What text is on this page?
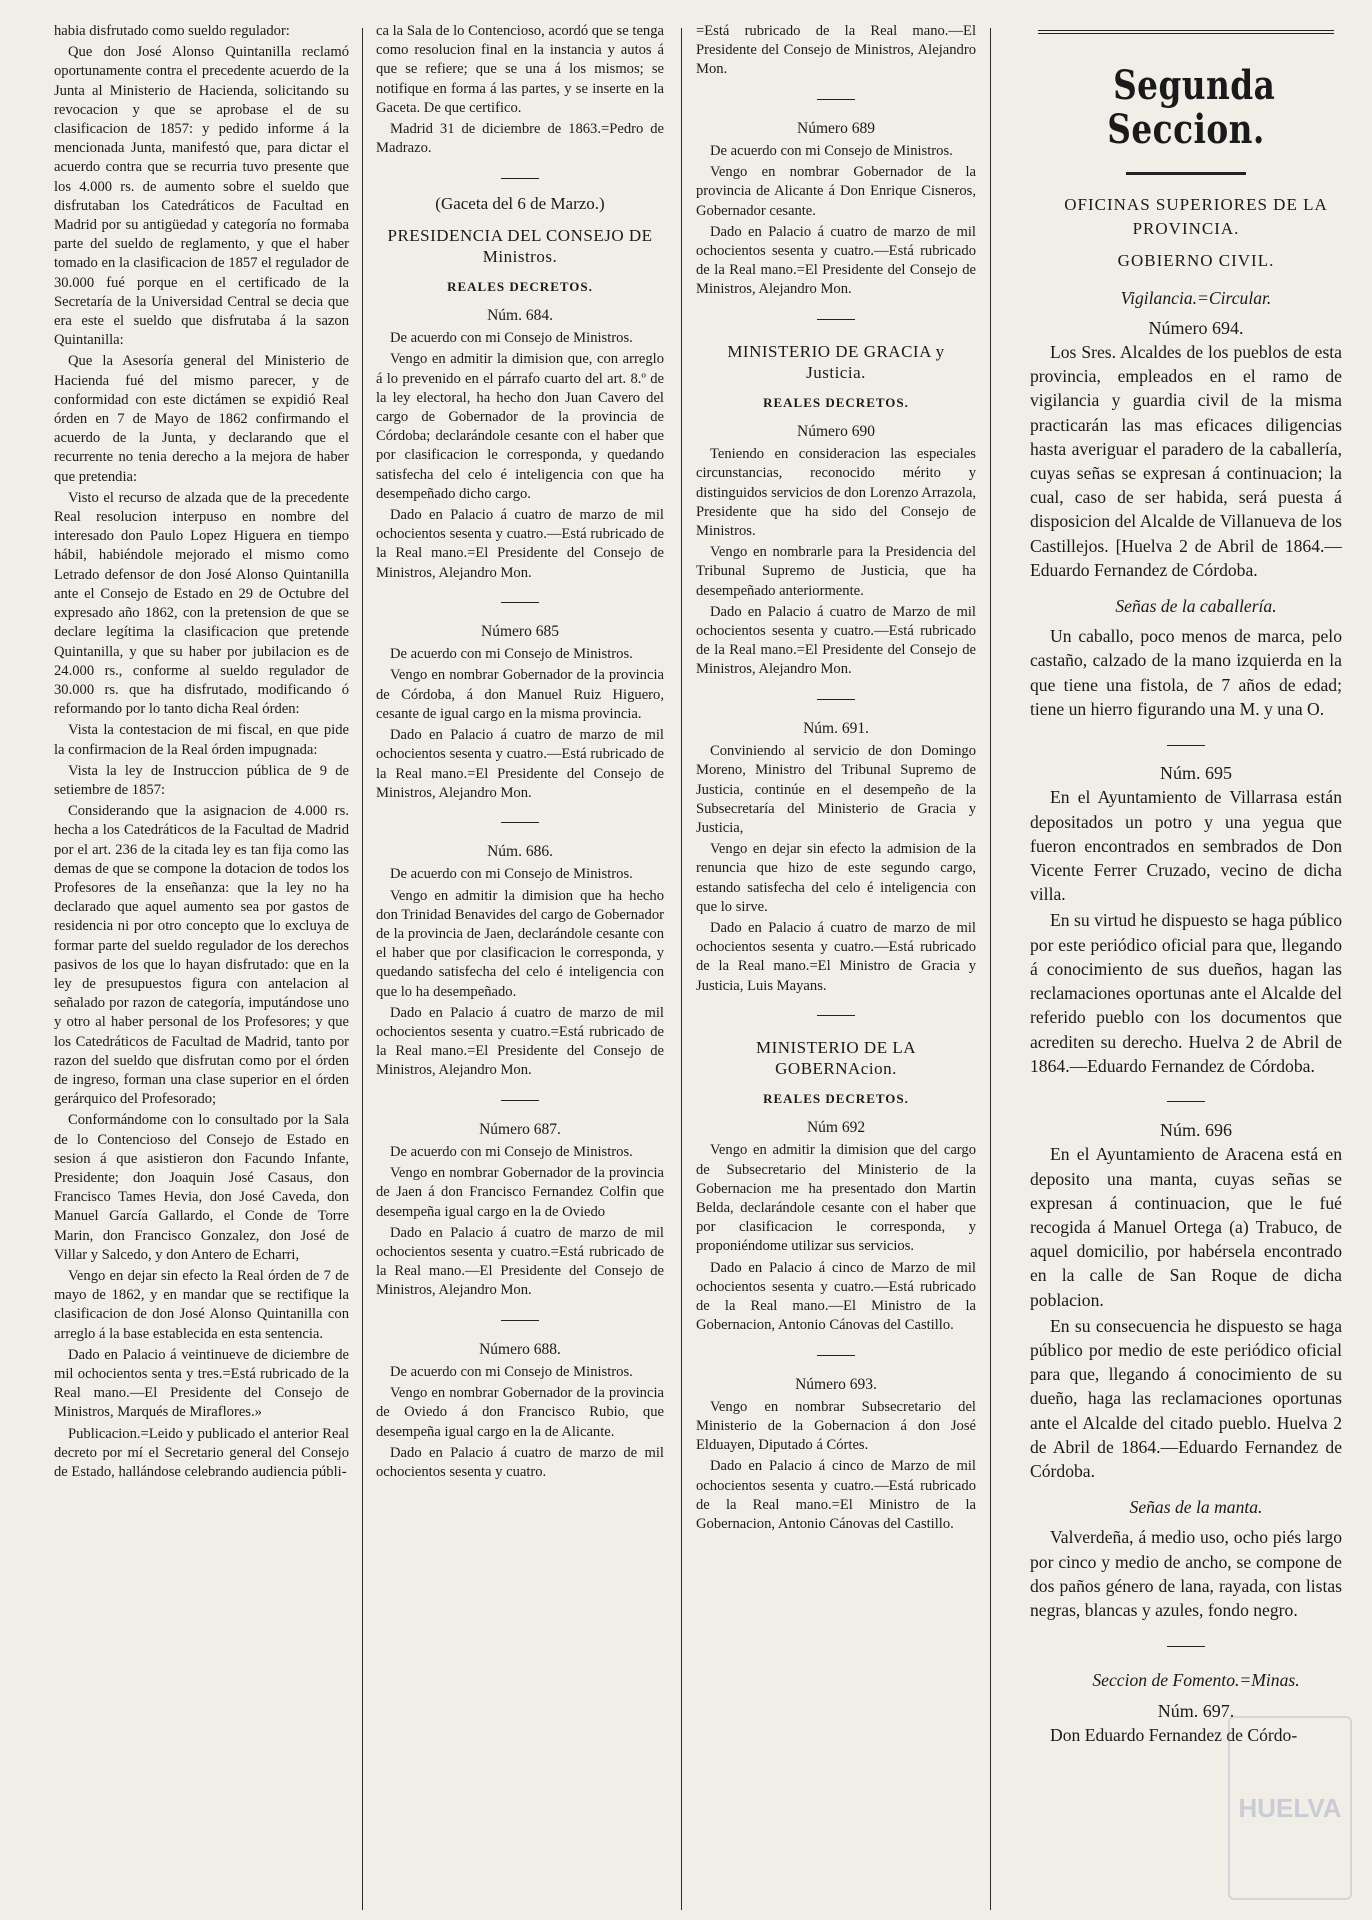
habia disfrutado como sueldo regulador:

Que don José Alonso Quintanilla reclamó oportunamente contra el precedente acuerdo de la Junta al Ministerio de Hacienda, solicitando su revocacion y que se aprobase el de su clasificacion de 1857: y pedido informe á la mencionada Junta, manifestó que, para dictar el acuerdo contra que se recurria tuvo presente que los 4.000 rs. de aumento sobre el sueldo que disfrutaban los Catedráticos de Facultad en Madrid por su antigüedad y categoría no formaba parte del sueldo de reglamento, y que el haber tomado en la clasificacion de 1857 el regulador de 30.000 fué porque en el certificado de la Secretaría de la Universidad Central se decia que era este el sueldo que disfrutaba á la sazon Quintanilla:

Que la Asesoría general del Ministerio de Hacienda fué del mismo parecer, y de conformidad con este dictámen se expidió Real órden en 7 de Mayo de 1862 confirmando el acuerdo de la Junta, y declarando que el recurrente no tenia derecho a la mejora de haber que pretendia:

Visto el recurso de alzada que de la precedente Real resolucion interpuso en nombre del interesado don Paulo Lopez Higuera en tiempo hábil, habiéndole mejorado el mismo como Letrado defensor de don José Alonso Quintanilla ante el Consejo de Estado en 29 de Octubre del expresado año 1862, con la pretension de que se declare legítima la clasificacion que pretende Quintanilla, y que su haber por jubilacion es de 24.000 rs., conforme al sueldo regulador de 30.000 rs. que ha disfrutado, modificando ó reformando por lo tanto dicha Real órden:

Vista la contestacion de mi fiscal, en que pide la confirmacion de la Real órden impugnada:

Vista la ley de Instruccion pública de 9 de setiembre de 1857:

Considerando que la asignacion de 4.000 rs. hecha a los Catedráticos de la Facultad de Madrid por el art. 236 de la citada ley es tan fija como las demas de que se compone la dotacion de todos los Profesores de la enseñanza: que la ley no ha declarado que aquel aumento sea por gastos de residencia ni por otro concepto que lo excluya de formar parte del sueldo regulador de los derechos pasivos de los que lo hayan disfrutado: que en la ley de presupuestos figura con antelacion al señalado por razon de categoría, imputándose uno y otro al haber personal de los Profesores; y que los Catedráticos de Facultad de Madrid, tanto por razon del sueldo que disfrutan como por el órden de ingreso, forman una clase superior en el órden gerárquico del Profesorado;

Conformándome con lo consultado por la Sala de lo Contencioso del Consejo de Estado en sesion á que asistieron don Facundo Infante, Presidente; don Joaquin José Casaus, don Francisco Tames Hevia, don José Caveda, don Manuel García Gallardo, el Conde de Torre Marin, don Francisco Gonzalez, don José de Villar y Salcedo, y don Antero de Echarri,

Vengo en dejar sin efecto la Real órden de 7 de mayo de 1862, y en mandar que se rectifique la clasificacion de don José Alonso Quintanilla con arreglo á la base establecida en esta sentencia.

Dado en Palacio á veintinueve de diciembre de mil ochocientos senta y tres.=Está rubricado de la Real mano.—El Presidente del Consejo de Ministros, Marqués de Miraflores.»

Publicacion.=Leido y publicado el anterior Real decreto por mí el Secretario general del Consejo de Estado, hallándose celebrando audiencia públi-

ca la Sala de lo Contencioso, acordó que se tenga como resolucion final en la instancia y autos á que se refiere; que se una á los mismos; se notifique en forma á las partes, y se inserte en la Gaceta. De que certifico.

Madrid 31 de diciembre de 1863.=Pedro de Madrazo.

(Gaceta del 6 de Marzo.)

PRESIDENCIA DEL CONSEJO DE Ministros.

REALES DECRETOS.

Núm. 684.

De acuerdo con mi Consejo de Ministros.

Vengo en admitir la dimision que, con arreglo á lo prevenido en el párrafo cuarto del art. 8.º de la ley electoral, ha hecho don Juan Cavero del cargo de Gobernador de la provincia de Córdoba; declarándole cesante con el haber que por clasificacion le corresponda, y quedando satisfecha del celo é inteligencia con que ha desempeñado dicho cargo.

Dado en Palacio á cuatro de marzo de mil ochocientos sesenta y cuatro.—Está rubricado de la Real mano.=El Presidente del Consejo de Ministros, Alejandro Mon.

Número 685

De acuerdo con mi Consejo de Ministros.

Vengo en nombrar Gobernador de la provincia de Córdoba, á don Manuel Ruiz Higuero, cesante de igual cargo en la misma provincia.

Dado en Palacio á cuatro de marzo de mil ochocientos sesenta y cuatro.—Está rubricado de la Real mano.=El Presidente del Consejo de Ministros, Alejandro Mon.

Núm. 686.

De acuerdo con mi Consejo de Ministros.

Vengo en admitir la dimision que ha hecho don Trinidad Benavides del cargo de Gobernador de la provincia de Jaen, declarándole cesante con el haber que por clasificacion le corresponda, y quedando satisfecha del celo é inteligencia con que lo ha desempeñado.

Dado en Palacio á cuatro de marzo de mil ochocientos sesenta y cuatro.=Está rubricado de la Real mano.=El Presidente del Consejo de Ministros, Alejandro Mon.

Número 687.

De acuerdo con mi Consejo de Ministros.

Vengo en nombrar Gobernador de la provincia de Jaen á don Francisco Fernandez Colfin que desempeña igual cargo en la de Oviedo

Dado en Palacio á cuatro de marzo de mil ochocientos sesenta y cuatro.=Está rubricado de la Real mano.—El Presidente del Consejo de Ministros, Alejandro Mon.

Número 688.

De acuerdo con mi Consejo de Ministros.

Vengo en nombrar Gobernador de la provincia de Oviedo á don Francisco Rubio, que desempeña igual cargo en la de Alicante.

Dado en Palacio á cuatro de marzo de mil ochocientos sesenta y cuatro.

=Está rubricado de la Real mano.—El Presidente del Consejo de Ministros, Alejandro Mon.

Número 689

De acuerdo con mi Consejo de Ministros.

Vengo en nombrar Gobernador de la provincia de Alicante á Don Enrique Cisneros, Gobernador cesante.

Dado en Palacio á cuatro de marzo de mil ochocientos sesenta y cuatro.—Está rubricado de la Real mano.=El Presidente del Consejo de Ministros, Alejandro Mon.

MINISTERIO DE GRACIA y Justicia.

REALES DECRETOS.

Número 690

Teniendo en consideracion las especiales circunstancias, reconocido mérito y distinguidos servicios de don Lorenzo Arrazola, Presidente que ha sido del Consejo de Ministros.

Vengo en nombrarle para la Presidencia del Tribunal Supremo de Justicia, que ha desempeñado anteriormente.

Dado en Palacio á cuatro de Marzo de mil ochocientos sesenta y cuatro.—Está rubricado de la Real mano.=El Presidente del Consejo de Ministros, Alejandro Mon.

Núm. 691.

Conviniendo al servicio de don Domingo Moreno, Ministro del Tribunal Supremo de Justicia, continúe en el desempeño de la Subsecretaría del Ministerio de Gracia y Justicia,

Vengo en dejar sin efecto la admision de la renuncia que hizo de este segundo cargo, estando satisfecha del celo é inteligencia con que lo sirve.

Dado en Palacio á cuatro de marzo de mil ochocientos sesenta y cuatro.—Está rubricado de la Real mano.=El Ministro de Gracia y Justicia, Luis Mayans.

MINISTERIO DE LA GOBERNAcion.

REALES DECRETOS.

Núm 692

Vengo en admitir la dimision que del cargo de Subsecretario del Ministerio de la Gobernacion me ha presentado don Martin Belda, declarándole cesante con el haber que por clasificacion le corresponda, y proponiéndome utilizar sus servicios.

Dado en Palacio á cinco de Marzo de mil ochocientos sesenta y cuatro.—Está rubricado de la Real mano.—El Ministro de la Gobernacion, Antonio Cánovas del Castillo.

Número 693.

Vengo en nombrar Subsecretario del Ministerio de la Gobernacion á don José Elduayen, Diputado á Córtes.

Dado en Palacio á cinco de Marzo de mil ochocientos sesenta y cuatro.—Está rubricado de la Real mano.=El Ministro de la Gobernacion, Antonio Cánovas del Castillo.

Segunda Seccion.

OFICINAS SUPERIORES DE LA PROVINCIA.

GOBIERNO CIVIL.

Vigilancia.=Circular.

Número 694.

Los Sres. Alcaldes de los pueblos de esta provincia, empleados en el ramo de vigilancia y guardia civil de la misma practicarán las mas eficaces diligencias hasta averiguar el paradero de la caballería, cuyas señas se expresan á continuacion; la cual, caso de ser habida, será puesta á disposicion del Alcalde de Villanueva de los Castillejos. [Huelva 2 de Abril de 1864.—Eduardo Fernandez de Córdoba.

Señas de la caballería.

Un caballo, poco menos de marca, pelo castaño, calzado de la mano izquierda en la que tiene una fistola, de 7 años de edad; tiene un hierro figurando una M. y una O.

Núm. 695

En el Ayuntamiento de Villarrasa están depositados un potro y una yegua que fueron encontrados en sembrados de Don Vicente Ferrer Cruzado, vecino de dicha villa.

En su virtud he dispuesto se haga público por este periódico oficial para que, llegando á conocimiento de sus dueños, hagan las reclamaciones oportunas ante el Alcalde del referido pueblo con los documentos que acrediten su derecho. Huelva 2 de Abril de 1864.—Eduardo Fernandez de Córdoba.

Núm. 696

En el Ayuntamiento de Aracena está en deposito una manta, cuyas señas se expresan á continuacion, que le fué recogida á Manuel Ortega (a) Trabuco, de aquel domicilio, por habérsela encontrado en la calle de San Roque de dicha poblacion.

En su consecuencia he dispuesto se haga público por medio de este periódico oficial para que, llegando á conocimiento de su dueño, haga las reclamaciones oportunas ante el Alcalde del citado pueblo. Huelva 2 de Abril de 1864.—Eduardo Fernandez de Córdoba.

Señas de la manta.

Valverdeña, á medio uso, ocho piés largo por cinco y medio de ancho, se compone de dos paños género de lana, rayada, con listas negras, blancas y azules, fondo negro.

Seccion de Fomento.=Minas.

Núm. 697.

Don Eduardo Fernandez de Córdo-

HUELVA
